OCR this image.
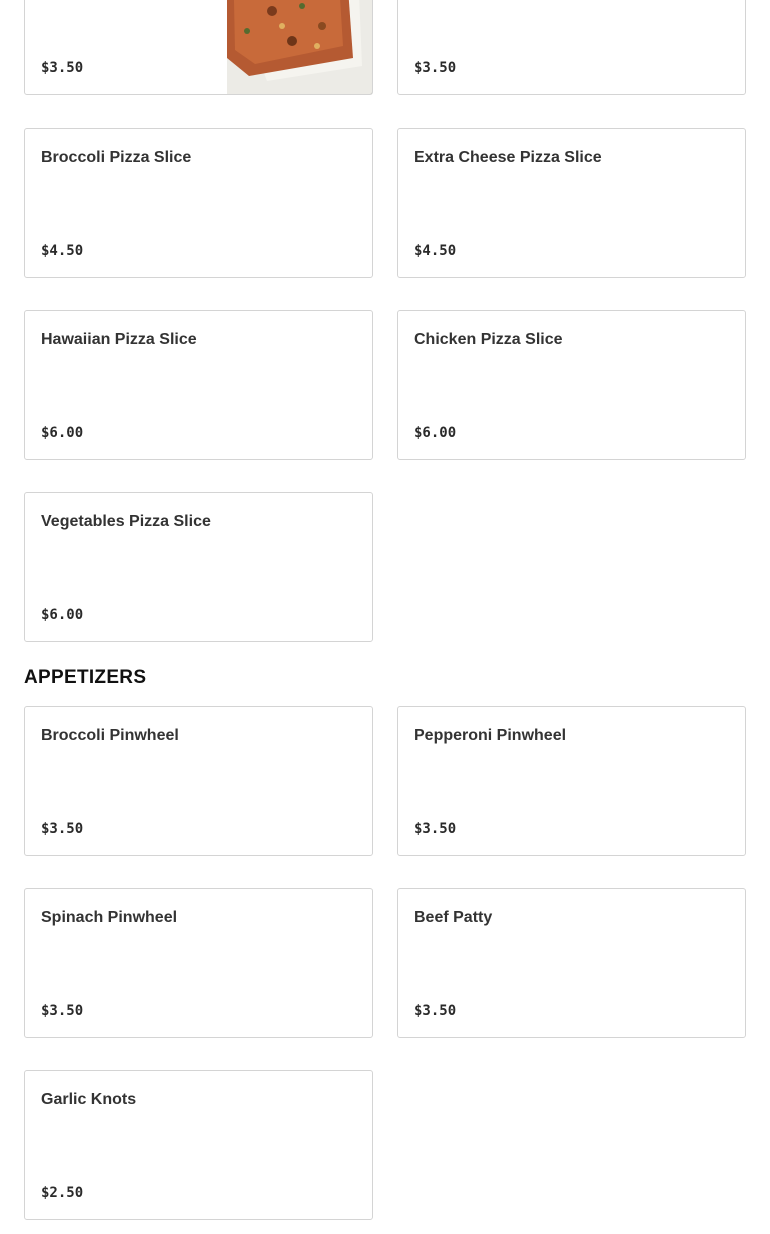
$3.50	$3.50
Broccoli Pizza Slice
$4.50
Extra Cheese Pizza Slice
$4.50
Hawaiian Pizza Slice
$6.00
Chicken Pizza Slice
$6.00
Vegetables Pizza Slice
$6.00
APPETIZERS
Broccoli Pinwheel
$3.50
Pepperoni Pinwheel
$3.50
Spinach Pinwheel
$3.50
Beef Patty
$3.50
Garlic Knots
$2.50
